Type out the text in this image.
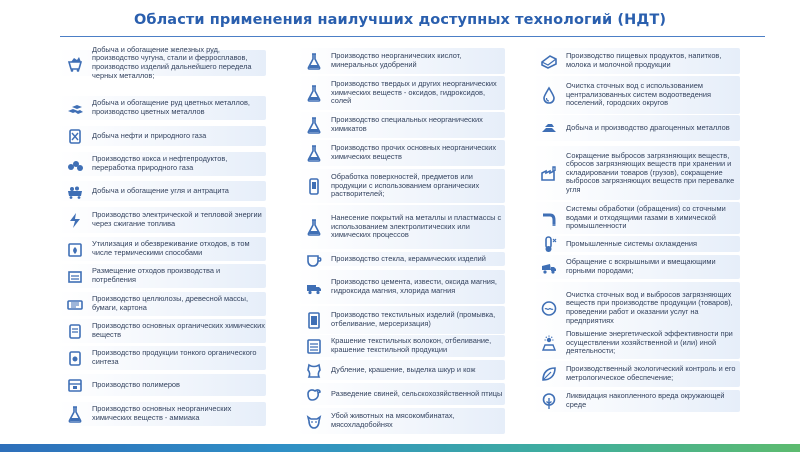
Области применения наилучших доступных технологий (НДТ)
Добыча и обогащение железных руд, производство чугуна, стали и ферросплавов, производство изделий дальнейшего передела черных металлов;
Добыча и обогащение руд цветных металлов, производство цветных металлов
Добыча нефти и природного газа
Производство кокса и нефтепродуктов, переработка природного газа
Добыча и обогащение угля и антрацита
Производство электрической и тепловой энергии через сжигание топлива
Утилизация и обезвреживание отходов, в том числе термическими способами
Размещение отходов производства и потребления
Производство целлюлозы, древесной массы, бумаги, картона
Производство основных органических химических веществ
Производство продукции тонкого органического синтеза
Производство полимеров
Производство основных неорганических химических веществ - аммиака
Производство неорганических кислот, минеральных удобрений
Производство твердых и других неорганических химических веществ - оксидов, гидроксидов, солей
Производство специальных неорганических химикатов
Производство прочих основных неорганических химических веществ
Обработка поверхностей, предметов или продукции с использованием органических растворителей;
Нанесение покрытий на металлы и пластмассы с использованием электролитических или химических процессов
Производство стекла, керамических изделий
Производство цемента, извести, оксида магния, гидроксида магния, хлорида магния
Производство текстильных изделий (промывка, отбеливание, мерсеризация)
Крашение текстильных волокон, отбеливание, крашение текстильной продукции
Дубление, крашение, выделка шкур и кож
Разведение свиней, сельскохозяйственной птицы
Убой животных на мясокомбинатах, мясохладобойнях
Производство пищевых продуктов, напитков, молока и молочной продукции
Очистка сточных вод с использованием централизованных систем водоотведения поселений, городских округов
Добыча и производство драгоценных металлов
Сокращение выбросов загрязняющих веществ, сбросов загрязняющих веществ при хранении и складировании товаров (грузов), сокращение выбросов загрязняющих веществ при перевалке угля
Системы обработки (обращения) со сточными водами и отходящими газами в химической промышленности
Промышленные системы охлаждения
Обращение с вскрышными и вмещающими горными породами;
Очистка сточных вод и выбросов загрязняющих веществ при производстве продукции (товаров), проведении работ и оказании услуг на предприятиях
Повышение энергетической эффективности при осуществлении хозяйственной и (или) иной деятельности;
Производственный экологический контроль и его метрологическое обеспечение;
Ликвидация накопленного вреда окружающей среде
